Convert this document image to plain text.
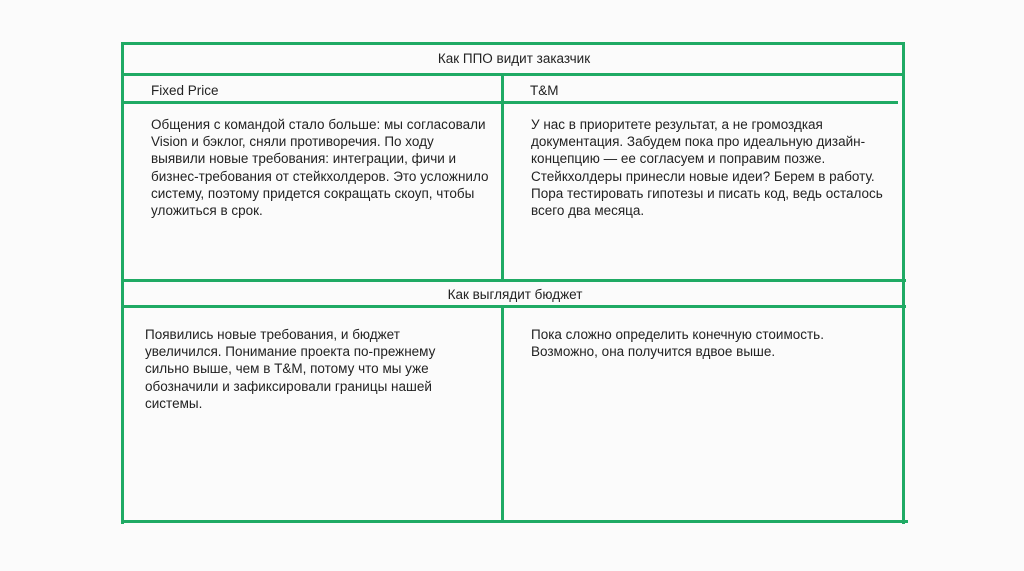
Как ППО видит заказчик
Fixed Price	T&M
Общения с командой стало больше: мы согласовали Vision и бэклог, сняли противоречия. По ходу выявили новые требования: интеграции, фичи и бизнес-требования от стейкхолдеров. Это усложнило систему, поэтому придется сокращать скоуп, чтобы уложиться в срок.
У нас в приоритете результат, а не громоздкая документация. Забудем пока про идеальную дизайн-концепцию — ее согласуем и поправим позже. Стейкхолдеры принесли новые идеи? Берем в работу. Пора тестировать гипотезы и писать код, ведь осталось всего два месяца.
Как выглядит бюджет
Появились новые требования, и бюджет увеличился. Понимание проекта по-прежнему сильно выше, чем в T&M, потому что мы уже обозначили и зафиксировали границы нашей системы.
Пока сложно определить конечную стоимость. Возможно, она получится вдвое выше.
